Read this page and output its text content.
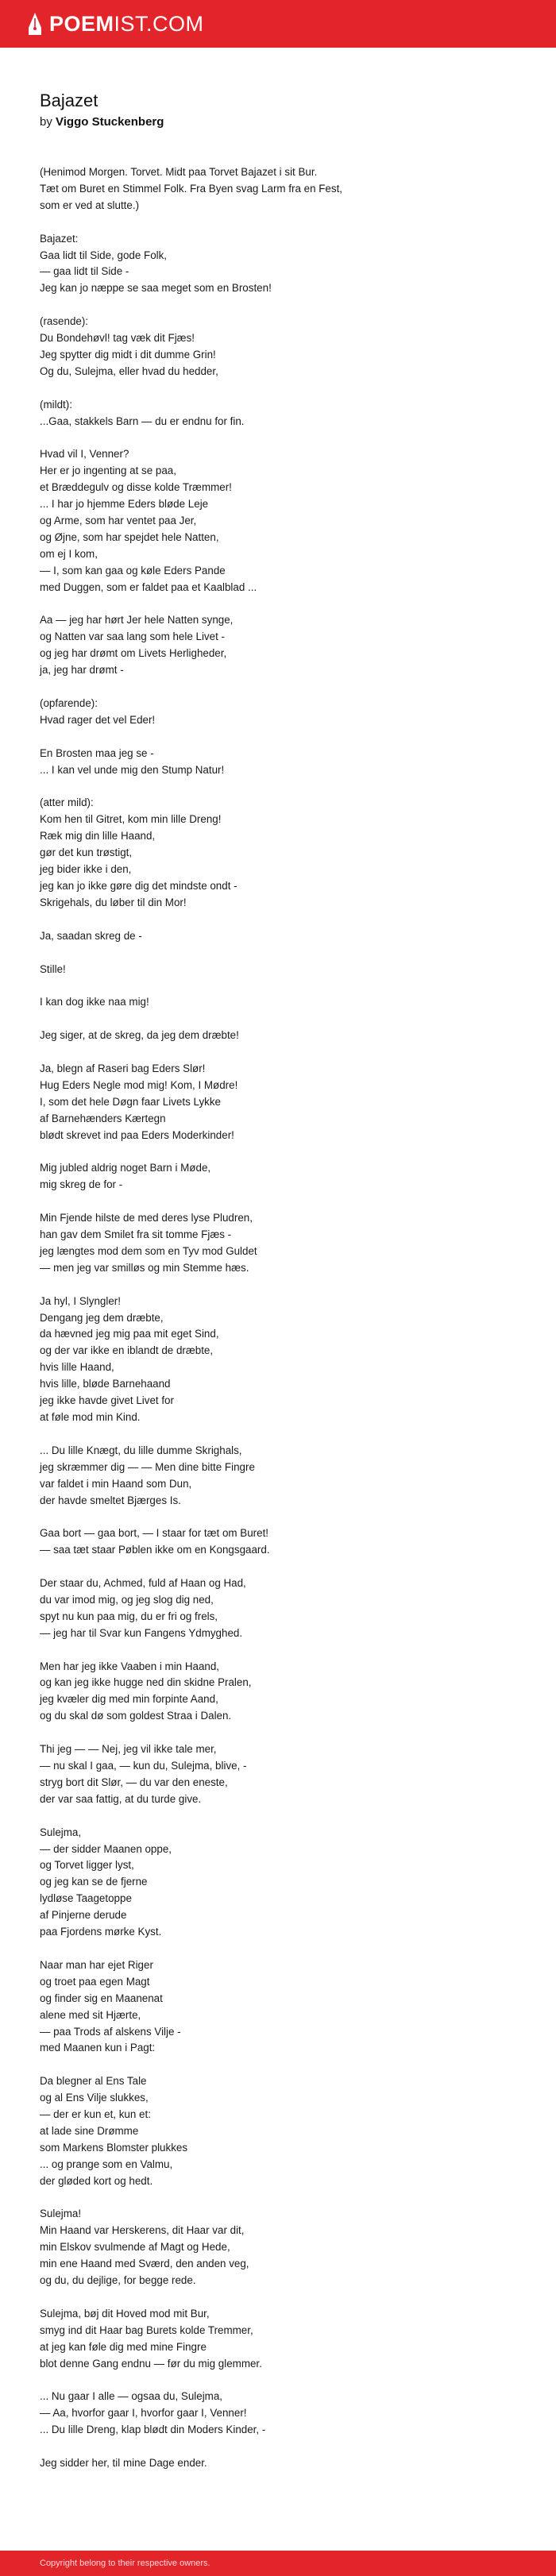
POEMIST.COM
Bajazet
by Viggo Stuckenberg
(Henimod Morgen. Torvet. Midt paa Torvet Bajazet i sit Bur.
Tæt om Buret en Stimmel Folk. Fra Byen svag Larm fra en Fest,
som er ved at slutte.)

Bajazet:
Gaa lidt til Side, gode Folk,
— gaa lidt til Side -
Jeg kan jo næppe se saa meget som en Brosten!

(rasende):
Du Bondehøvl! tag væk dit Fjæs!
Jeg spytter dig midt i dit dumme Grin!
Og du, Sulejma, eller hvad du hedder,

(mildt):
...Gaa, stakkels Barn — du er endnu for fin.

Hvad vil I, Venner?
Her er jo ingenting at se paa,
et Bræddegulv og disse kolde Træmmer!
... I har jo hjemme Eders bløde Leje
og Arme, som har ventet paa Jer,
og Øjne, som har spejdet hele Natten,
om ej I kom,
— I, som kan gaa og køle Eders Pande
med Duggen, som er faldet paa et Kaalblad ...

Aa — jeg har hørt Jer hele Natten synge,
og Natten var saa lang som hele Livet -
og jeg har drømt om Livets Herligheder,
ja, jeg har drømt -

(opfarende):
Hvad rager det vel Eder!

En Brosten maa jeg se -
... I kan vel unde mig den Stump Natur!

(atter mild):
Kom hen til Gitret, kom min lille Dreng!
Ræk mig din lille Haand,
gør det kun trøstigt,
jeg bider ikke i den,
jeg kan jo ikke gøre dig det mindste ondt -
Skrigehals, du løber til din Mor!

Ja, saadan skreg de -

Stille!

I kan dog ikke naa mig!

Jeg siger, at de skreg, da jeg dem dræbte!

Ja, blegn af Raseri bag Eders Slør!
Hug Eders Negle mod mig! Kom, I Mødre!
I, som det hele Døgn faar Livets Lykke
af Barnehænders Kærtegn
blødt skrevet ind paa Eders Moderkinder!

Mig jubled aldrig noget Barn i Møde,
mig skreg de for -

Min Fjende hilste de med deres lyse Pludren,
han gav dem Smilet fra sit tomme Fjæs -
jeg længtes mod dem som en Tyv mod Guldet
— men jeg var smilløs og min Stemme hæs.

Ja hyl, I Slyngler!
Dengang jeg dem dræbte,
da hævned jeg mig paa mit eget Sind,
og der var ikke en iblandt de dræbte,
hvis lille Haand,
hvis lille, bløde Barnehaand
jeg ikke havde givet Livet for
at føle mod min Kind.

... Du lille Knægt, du lille dumme Skrighals,
jeg skræmmer dig — — Men dine bitte Fingre
var faldet i min Haand som Dun,
der havde smeltet Bjærges Is.

Gaa bort — gaa bort, — I staar for tæt om Buret!
— saa tæt staar Pøblen ikke om en Kongsgaard.

Der staar du, Achmed, fuld af Haan og Had,
du var imod mig, og jeg slog dig ned,
spyt nu kun paa mig, du er fri og frels,
— jeg har til Svar kun Fangens Ydmyghed.

Men har jeg ikke Vaaben i min Haand,
og kan jeg ikke hugge ned din skidne Pralen,
jeg kvæler dig med min forpinte Aand,
og du skal dø som goldest Straa i Dalen.

Thi jeg — — Nej, jeg vil ikke tale mer,
— nu skal I gaa, — kun du, Sulejma, blive, -
stryg bort dit Slør, — du var den eneste,
der var saa fattig, at du turde give.

Sulejma,
— der sidder Maanen oppe,
og Torvet ligger lyst,
og jeg kan se de fjerne
lydløse Taagetoppe
af Pinjerne derude
paa Fjordens mørke Kyst.

Naar man har ejet Riger
og troet paa egen Magt
og finder sig en Maanenat
alene med sit Hjærte,
— paa Trods af alskens Vilje -
med Maanen kun i Pagt:

Da blegner al Ens Tale
og al Ens Vilje slukkes,
— der er kun et, kun et:
at lade sine Drømme
som Markens Blomster plukkes
... og prange som en Valmu,
der gløded kort og hedt.

Sulejma!
Min Haand var Herskerens, dit Haar var dit,
min Elskov svulmende af Magt og Hede,
min ene Haand med Sværd, den anden veg,
og du, du dejlige, for begge rede.

Sulejma, bøj dit Hoved mod mit Bur,
smyg ind dit Haar bag Burets kolde Tremmer,
at jeg kan føle dig med mine Fingre
blot denne Gang endnu — før du mig glemmer.

... Nu gaar I alle — ogsaa du, Sulejma,
— Aa, hvorfor gaar I, hvorfor gaar I, Venner!
... Du lille Dreng, klap blødt din Moders Kinder, -

Jeg sidder her, til mine Dage ender.
Copyright belong to their respective owners.
